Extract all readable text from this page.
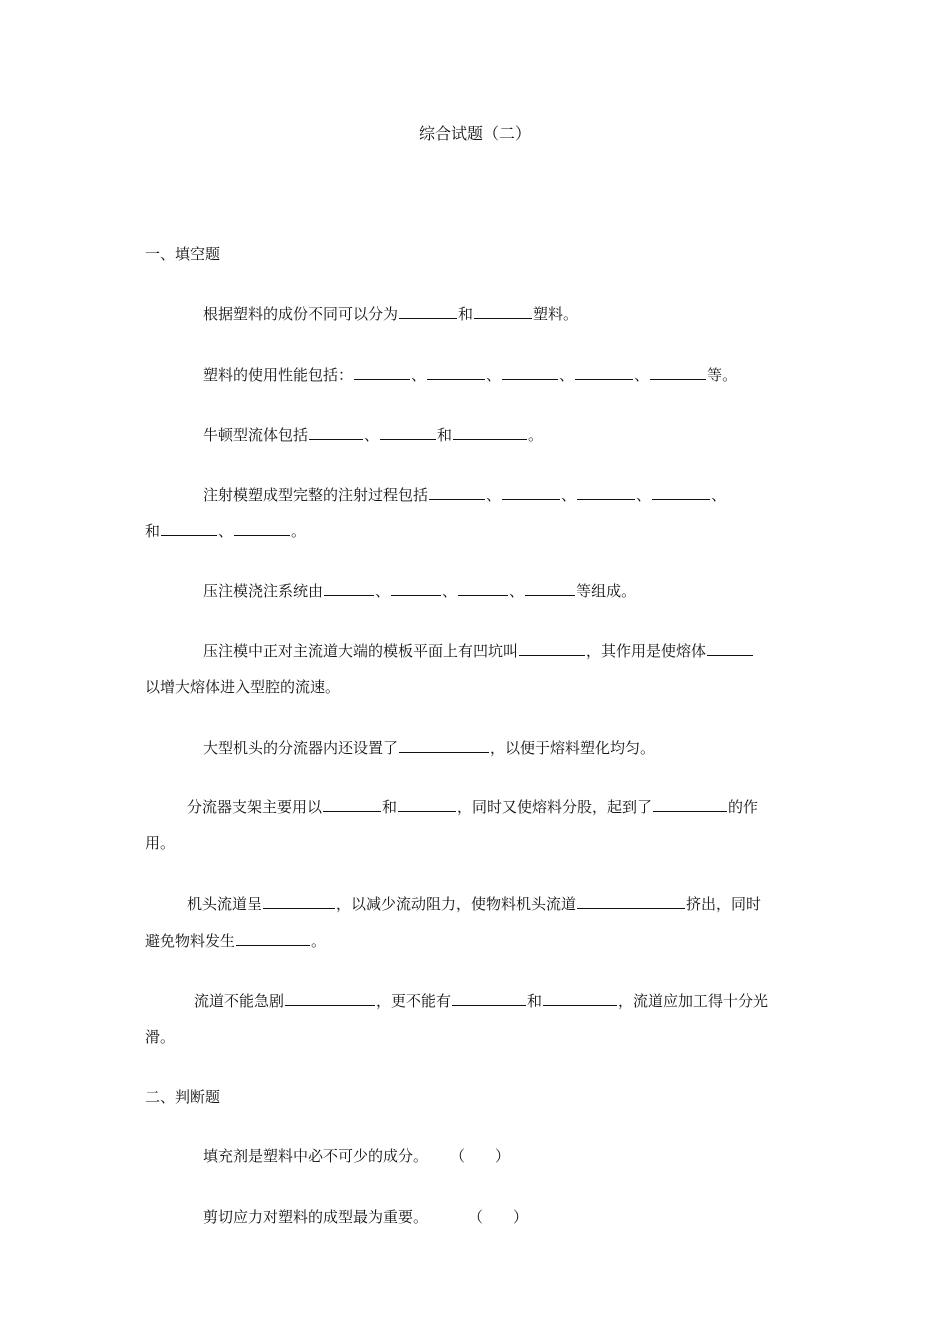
综合试题（二）
一、填空题
根据塑料的成份不同可以分为	和	塑料。
塑料的使用性能包括：	、	、	、	、	等。
牛顿型流体包括	、	和	。
注射模塑成型完整的注射过程包括	、	、	、	、
和	、	。
压注模浇注系统由	、	、	、	等组成。
压注模中正对主流道大端的模板平面上有凹坑叫	，其作用是使熔体
以增大熔体进入型腔的流速。
大型机头的分流器内还设置了	，以便于熔料塑化均匀。
分流器支架主要用以	和	，同时又使熔料分股，起到了	的作
用。
机头流道呈	，以减少流动阻力，使物料机头流道	挤出，同时
避免物料发生	。
流道不能急剧	，更不能有	和	，流道应加工得十分光
滑。
二、判断题
填充剂是塑料中必不可少的成分。 （　　）
剪切应力对塑料的成型最为重要。	（　　）
